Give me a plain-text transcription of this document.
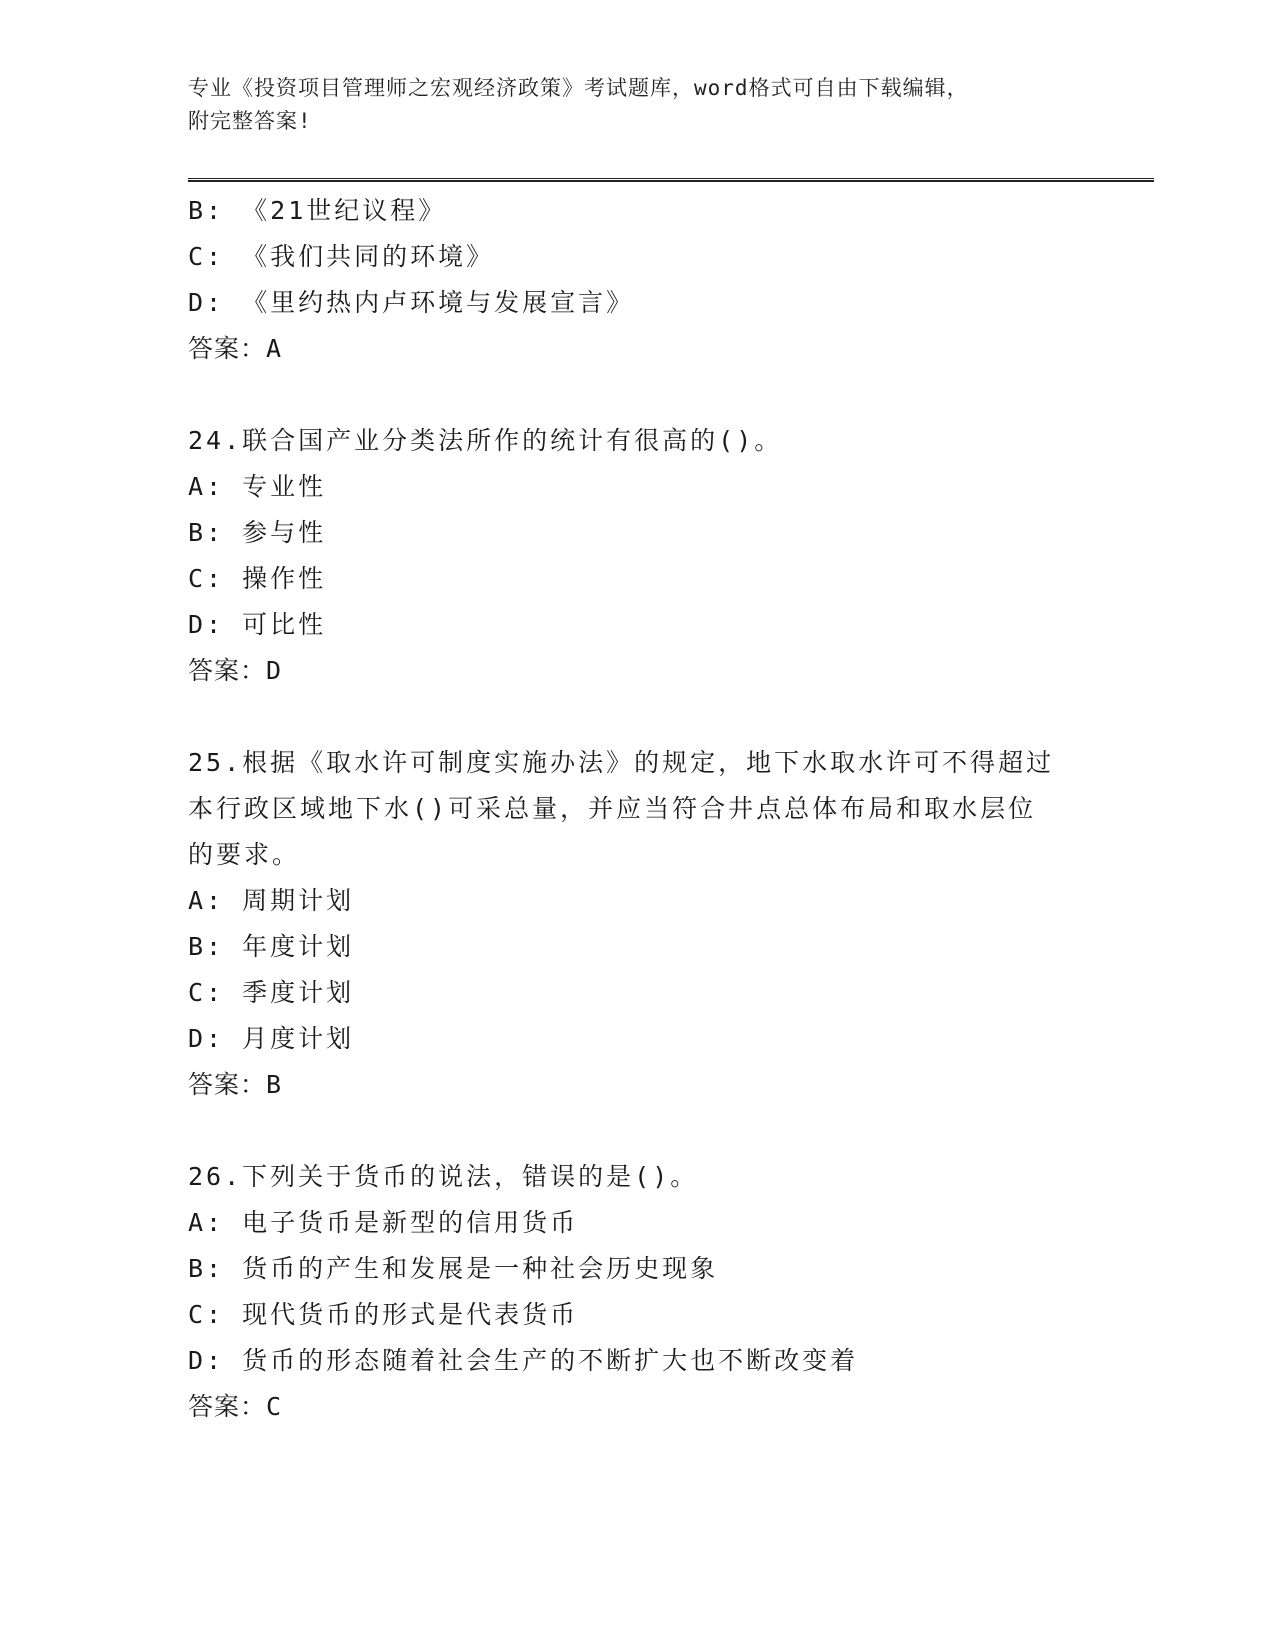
专业《投资项目管理师之宏观经济政策》考试题库，word格式可自由下载编辑，
附完整答案!
B: 《21世纪议程》
C: 《我们共同的环境》
D: 《里约热内卢环境与发展宣言》
答案：A
24.联合国产业分类法所作的统计有很高的()。
A: 专业性
B: 参与性
C: 操作性
D: 可比性
答案：D
25.根据《取水许可制度实施办法》的规定，地下水取水许可不得超过
本行政区域地下水()可采总量，并应当符合井点总体布局和取水层位
的要求。
A: 周期计划
B: 年度计划
C: 季度计划
D: 月度计划
答案：B
26.下列关于货币的说法，错误的是()。
A: 电子货币是新型的信用货币
B: 货币的产生和发展是一种社会历史现象
C: 现代货币的形式是代表货币
D: 货币的形态随着社会生产的不断扩大也不断改变着
答案：C
